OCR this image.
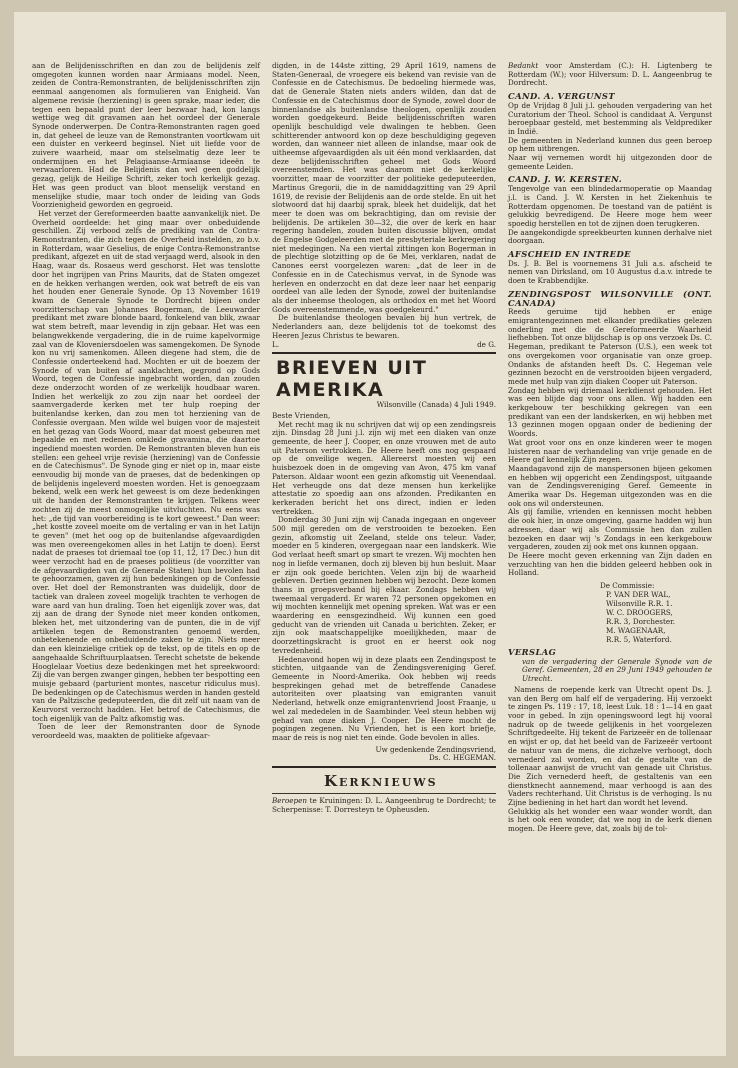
aan de Belijdenisschriften en dan zou de belijdenis zelf omgegoten kunnen worden naar Armiaans model. Neen, zeiden de Contra-Remonstranten, de belijdenisschriften zijn eenmaal aangenomen als formulieren van Enigheid. Van algemene revisie (herziening) is geen sprake, maar ieder, die tegen een bepaald punt der leer bezwaar had, kon langs wettige weg dit gravamen aan het oordeel der Generale Synode onderwerpen. De Contra-Remonstranten ragen goed in, dat geheel de leuze van de Remonstranten voortkwam uit een duister en verkeerd beginsel. Niet uit liefde voor de zuivere waarheid, maar om stelselmatig deze leer te ondermijnen en het Pelagiaanse-Armiaanse ideeën te verwaarloren. Had de Belijdenis dan wel geen goddelijk gezag, gelijk de Heilige Schrift, zeker toch kerkelijk gezag. Het was geen product van bloot menselijk verstand en menselijke studie, maar toch onder de leiding van Gods Voorzienigheid geworden en gegroeid.

Het verzet der Gereformeerden baatte aanvankelijk niet. De Overheid oordeelde: het ging maar over onbeduidende geschillen. Zij verbood zelfs de prediking van de Contra-Remonstranten, die zich tegen de Overheid instelden, zo b.v. in Rotterdam, waar Geselius, de enige Contra-Remonstrantse predikant, afgezet en uit de stad verjaagd werd, alsook in den Haag, waar ds. Rosaeus werd geschorst. Het was tenslotte door het ingrijpen van Prins Maurits, dat de Staten omgezet en de hekken verhangen werden, ook wat betreft de eis van het houden ener Generale Synode. Op 13 November 1619 kwam de Generale Synode te Dordrecht bijeen onder voorzitterschap van Johannes Bogerman, de Leeuwarder predikant met zware blonde baard, fonkelend van blik, zwaar wat stem betreft, maar levendig in zijn gebaar. Het was een belangwekkende vergadering, die in de ruime kapelvormige zaal van de Kloveniersdoelen was samengekomen. De Synode kon nu vrij samenkomen. Alleen diegene had stem, die de Confessie onderteekend had. Mochten er uit de boezem der Synode of van buiten af aanklachten, gegrond op Gods Woord, tegen de Confessie ingebracht worden, dan zouden deze onderzocht worden of ze werkelijk houdbaar waren. Indien het werkelijk zo zou zijn naar het oordeel der saamvergaderde kerken met ter hulp roeping der buitenlandse kerken, dan zou men tot herziening van de Confessie overgaan. Men wilde wel buigen voor de majesteit en het gezag van Gods Woord, maar dat moest gebeuren met bepaalde en met redenen omklede gravamina, die daartoe ingediend moesten worden. De Remonstranten bleven hun eis stellen: een geheel vrije revisie (herziening) van de Confessie en de Catechismus". De Synode ging er niet op in, maar eiste eenvoudig bij monde van de praeses, dat de bedenkingen op de belijdenis ingeleverd moesten worden. Het is genoegzaam bekend, welk een werk het geweest is om deze bedenkingen uit de handen der Remonstranten te krijgen. Telkens weer zochten zij de meest onmogelijke uitvluchten. Nu eens was het: „de tijd van voorbereiding is te kort geweest." Dan weer: „het kostte zoveel moeite om de vertaling er van in het Latijn te geven" (met het oog op de buitenlandse afgevaardigden was men overeengekomen alles in het Latijn te doen). Eerst nadat de praeses tot driemaal toe (op 11, 12, 17 Dec.) hun dit weer verzocht had en de praeses politieus (de voorzitter van de afgevaardigden van de Generale Staten) hun bevolen had te gehoorzamen, gaven zij hun bedenkingen op de Confessie over. Het doel der Remonstranten was duidelijk, door de tactiek van draleen zoveel mogelijk trachten te verhogen de ware aard van hun draling. Toen het eigenlijk zover was, dat zij aan de drang der Synode niet meer konden ontkomen, bleken het, met uitzondering van de punten, die in de vijf artikelen tegen de Remonstranten genoemd werden, onbetekenende en onbeduidende zaken te zijn. Niets meer dan een kleinzielige critiek op de tekst, op de titels en op de aangehaalde Schriftuurplaatsen. Terecht schetste de bekende Hooglelaar Voetius deze bedenkingen met het spreekwoord: Zij die van bergen zwanger gingen, hebben ter bespotting een muisje gebaard (parturient montes, nascetur ridiculus mus). De bedenkingen op de Catechismus werden in handen gesteld van de Paltzische gedeputeerden, die dit zelf uit naam van de Keurvorst verzocht hadden. Het betrof de Catechismus, die toch eigenlijk van de Paltz afkomstig was.

Toen de leer der Remonstranten door de Synode veroordeeld was, maakten de politieke afgevaar-

digden, in de 144ste zitting, 29 April 1619, namens de Staten-Generaal, de vroegere eis bekend van revisie van de Confessie en de Catechismus. De bedoeling hiermede was, dat de Generale Staten niets anders wilden, dan dat de Confessie en de Catechismus door de Synode, zowel door de binnenlandse als buitenlandse theologen, openlijk zouden worden goedgekeurd. Beide belijdenisschriften waren openlijk beschuldigd vele dwalingen te hebben. Geen schitterender antwoord kon op deze beschuldiging gegeven worden, dan wanneer niet alleen de inlandse, maar ook de uitheemse afgevaardigden als uit één mond verklaarden, dat deze belijdenisschriften geheel met Gods Woord overeenstemden. Het was daarom niet de kerkelijke voorzitter, maar de voorzitter der politieke gedeputeerden, Martinus Gregorii, die in de namiddagzitting van 29 April 1619, de revisie der Belijdenis aan de orde stelde. En uit het slotwoord dat hij daarbij sprak, bleek het duidelijk, dat het meer te doen was om bekrachtiging, dan om revisie der belijdenis. De artikelen 30—32, die over de kerk en haar regering handelen, zouden buiten discussie blijven, omdat de Engelse Godgeleerden met de presbyteriale kerkregering niet medegingen. Na een viertal zittingen kon Bogerman in de plechtige slotzitting op de 6e Mei, verklaren, nadat de Canones eerst voorgelezen waren: „dat de leer in de Confessie en in de Catechismus vervat, in de Synode was herleven en onderzocht en dat deze leer naar het eenparig oordeel van alle leden der Synode, zowel der buitenlandse als der inheemse theologen, als orthodox en met het Woord Gods overeenstemmende, was goedgekeurd."

De buitenlandse theologen bevalen bij hun vertrek, de Nederlanders aan, deze belijdenis tot de toekomst des Heeren Jezus Christus te bewaren.

L.	de G.
BRIEVEN UIT AMERIKA
Wilsonville (Canada) 4 Juli 1949.

Beste Vrienden,

Met recht mag ik nu schrijven dat wij op een zendingsreis zijn. Dinsdag 28 Juni j.l. zijn wij met een diaken van onze gemeente, de heer J. Cooper, en onze vrouwen met de auto uit Paterson vertrokken. De Heere heeft ons nog gespaard op de onveilige wegen. Allereerst moesten wij een huisbezoek doen in de omgeving van Avon, 475 km vanaf Paterson. Aldaar woont een gezin afkomstig uit Veenendaal. Het verheugde ons dat deze mensen hun kerkelijke attestatie zo spoedig aan ons afzonden. Predikanten en kerkeraden bericht het ons direct, indien er leden vertrekken.

Donderdag 30 Juni zijn wij Canada ingegaan en ongeveer 500 mijl gereden om de verstrooiden te bezoeken. Een gezin, afkomstig uit Zeeland, stelde ons teleur. Vader, moeder en 5 kinderen, overgegaan naar een landskerk. Wie God verlaat heeft smart op smart te vrezen. Wij mochten hen nog in liefde vermanen, doch zij bleven bij hun besluit. Maar er zijn ook goede berichten. Velen zijn bij de waarheid gebleven. Dertien gezinnen hebben wij bezocht. Deze komen thans in groepsverband bij elkaar. Zondags hebben wij tweemaal vergaderd. Er waren 72 personen opgekomen en wij mochten kennelijk met opening spreken. Wat was er een waardering en eensgezindheid. Wij kunnen een goed geducht van de vrienden uit Canada u berichten. Zeker, er zijn ook maatschappelijke moeilijkheden, maar de doorzettingskracht is groot en er heerst ook nog tevredenheid.

Hedenavond hopen wij in deze plaats een Zendingspost te stichten, uitgaande van de Zendingsvereniging Geref. Gemeente in Noord-Amerika. Ook hebben wij reeds besprekingen gehad met de betreffende Canadese autoriteiten over plaatsing van emigranten vanuit Nederland, hetwelk onze emigrantenvriend Joost Fraanje, u wel zal mededelen in de Saambinder. Veel steun hebben wij gehad van onze diaken J. Cooper. De Heere mocht de pogingen zegenen. Nu Vrienden, het is een kort briefje, maar de reis is nog niet ten einde. Gode bevolen in alles.

Uw gedenkende Zendingsvriend,
Ds. C. HEGEMAN.
Kerknieuws

Beroepen te Kruiningen: D. L. Aangeenbrug te Dordrecht; te Scherpenisse: T. Dorresteyn te Opheusden.

Bedankt voor Amsterdam (C.): H. Ligtenberg te Rotterdam (W.); voor Hilversum: D. L. Aangeenbrug te Dordrecht.

CAND. A. VERGUNST

Op de Vrijdag 8 Juli j.l. gehouden vergadering van het Curatorium der Theol. School is candidaat A. Vergunst beroepbaar gesteld, met bestemming als Veldprediker in Indië.

De gemeenten in Nederland kunnen dus geen beroep op hem uitbrengen.

Naar wij vernemen wordt hij uitgezonden door de gemeente Leiden.

CAND. J. W. KERSTEN.

Tengevolge van een blindedarmoperatie op Maandag j.l. is Cand. J. W. Kersten in het Ziekenhuis te Rotterdam opgenomen. De toestand van de patiënt is gelukkig bevredigend. De Heere moge hem weer spoedig herstellen en tot de zijnen doen terugkeren.

De aangekondigde spreekbeurten kunnen derhalve niet doorgaan.

AFSCHEID EN INTREDE

Ds. J. B. Bel is voornemens 31 Juli a.s. afscheid te nemen van Dirksland, om 10 Augustus d.a.v. intrede te doen te Krabbendijke.

ZENDINGSPOST WILSONVILLE (ONT. CANADA)

Reeds geruime tijd hebben er enige emigrantengezinnen met elkander predikaties gelezen onderling met die de Gereformeerde Waarheid liefhebben. Tot onze blijdschap is op ons verzoek Ds. C. Hegeman, predikant te Paterson (U.S.), een week tot ons overgekomen voor organisatie van onze groep. Ondanks de afstanden heeft Ds. C. Hegeman vele gezinnen bezocht en de verstrooiden bijeen vergaderd, mede met hulp van zijn diaken Cooper uit Paterson.

Zondag hebben wij driemaal kerkdienst gehouden. Het was een blijde dag voor ons allen. Wij hadden een kerkgebouw ter beschikking gekregen van een predikant van een der landskerken, en wij hebben met 13 gezinnen mogen opgaan onder de bediening der Woords.

Wat groot voor ons en onze kinderen weer te mogen luisteren naar de verhandeling van vrije genade en de Heere gaf kennelijk Zijn zegen.

Maandagavond zijn de manspersonen bijeen gekomen en hebben wij opgericht een Zendingspost, uitgaande van de Zendingsvereniging Geref. Gemeente in Amerika waar Ds. Hegeman uitgezonden was en die ook ons wil ondersteunen.

Als gij familie, vrienden en kennissen mocht hebben die ook hier, in onze omgeving, gaarne hadden wij hun adressen, daar wij als Commissie hen dan zullen bezoeken en daar wij 's Zondags in een kerkgebouw vergaderen, zouden zij ook met ons kunnen opgaan.

De Heere mocht geven erkenning van Zijn daden en verzuchting van hen die bidden geleerd hebben ook in Holland.

De Commissie:
P. VAN DER WAL,
Wilsonville R.R. 1.
W. C. DROOGERS,
R.R. 3, Dorchester.
M. WAGENAAR,
R.R. 5, Waterford.
VERSLAG

van de vergadering der Generale Synode van de Geref. Gemeenten, 28 en 29 Juni 1949 gehouden te Utrecht.

Namens de roepende kerk van Utrecht opent Ds. J. van den Berg om half elf de vergadering. Hij verzoekt te zingen Ps. 119 : 17, 18, leest Luk. 18 : 1—14 en gaat voor in gebed. In zijn openingswoord legt hij vooral nadruk op de tweede gelijkenis in het voorgelezen Schriftgedeelte. Hij tekent de Farizeeër en de tollenaar en wijst er op, dat het beeld van de Farizeeër vertoont de natuur van de mens, die zichzelve verhoogt, doch vernederd zal worden, en dat de gestalte van de tollenaar aanwijst de vrucht van genade uit Christus. Die Zich vernederd heeft, de gestaltenis van een dienstknecht aannemend, maar verhoogd is aan des Vaders rechterhand. Uit Christus is de verhoging. Is nu Zijne bediening in het hart dan wordt het levend.

Gelukkig als het wonder een waar wonder wordt, dan is het ook een wonder, dat we nog in de kerk dienen mogen. De Heere geve, dat, zoals bij de tol-
